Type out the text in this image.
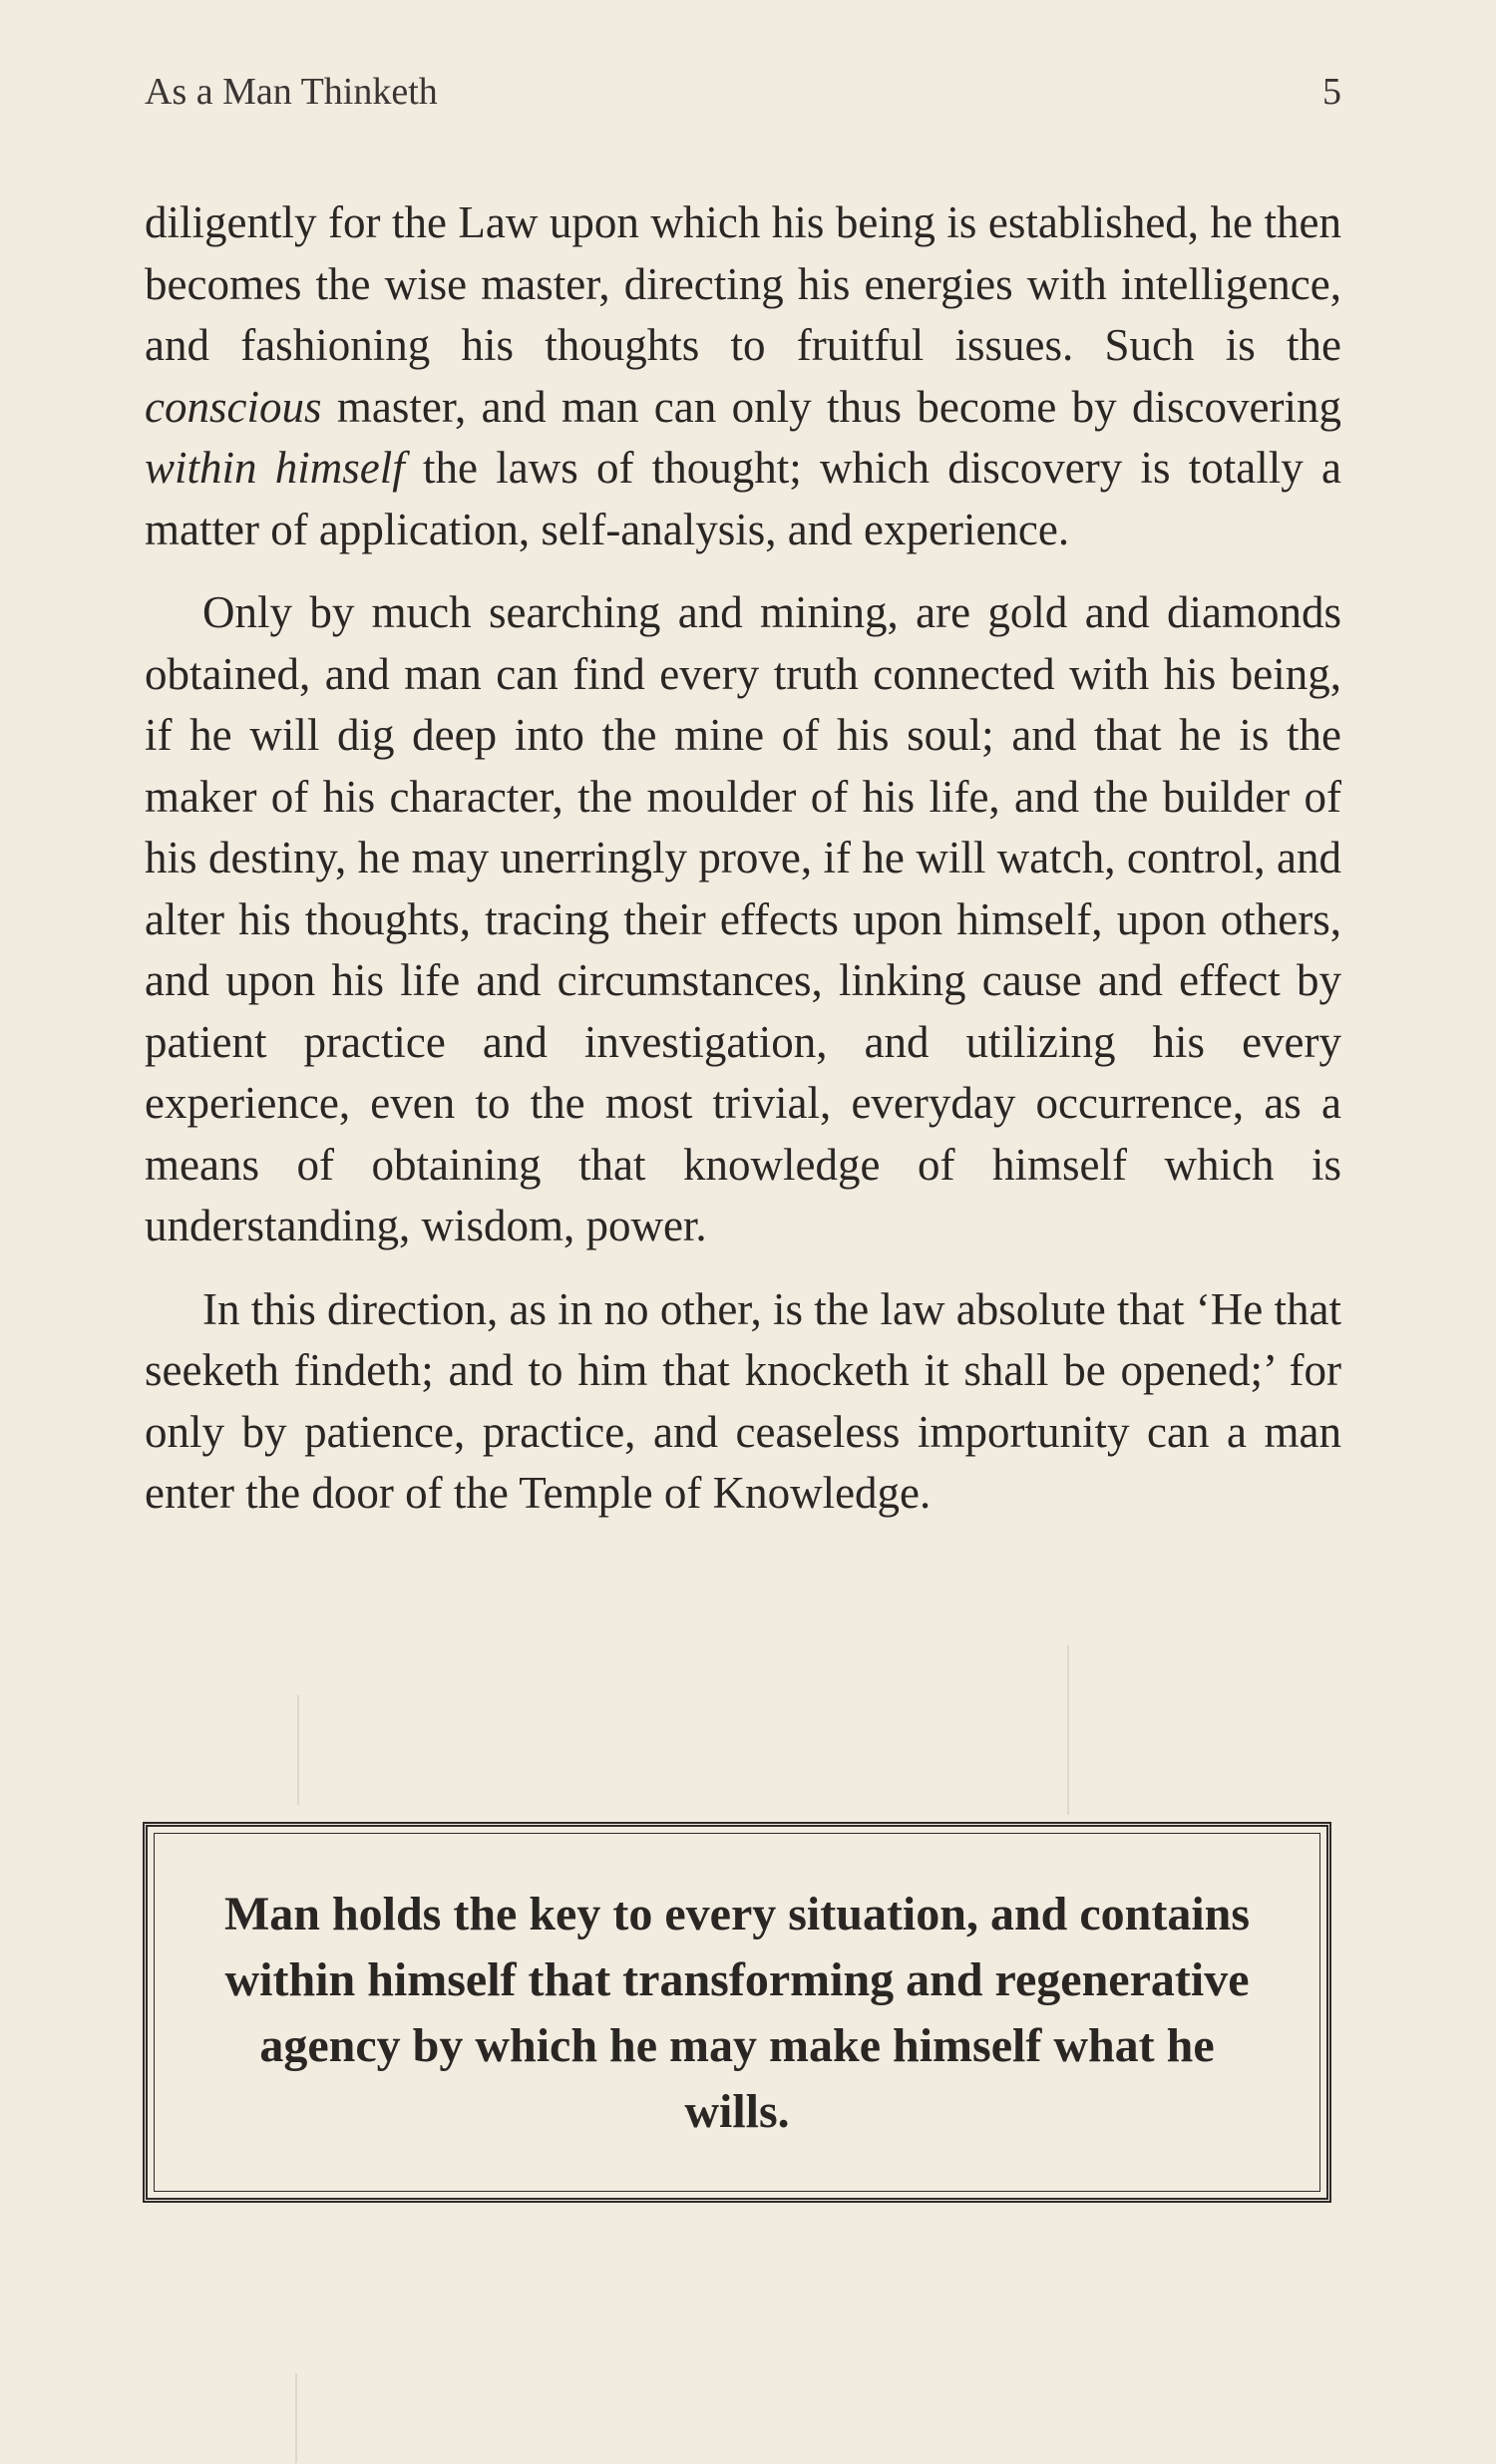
As a Man Thinketh	5

diligently for the Law upon which his being is established, he then becomes the wise master, directing his energies with intelligence, and fashioning his thoughts to fruitful issues. Such is the conscious master, and man can only thus become by discovering within himself the laws of thought; which discovery is totally a matter of application, self-analysis, and experience.

Only by much searching and mining, are gold and diamonds obtained, and man can find every truth connected with his being, if he will dig deep into the mine of his soul; and that he is the maker of his character, the moulder of his life, and the builder of his destiny, he may unerringly prove, if he will watch, control, and alter his thoughts, tracing their effects upon himself, upon others, and upon his life and circumstances, linking cause and effect by patient practice and investigation, and utilizing his every experience, even to the most trivial, everyday occurrence, as a means of obtaining that knowledge of himself which is understanding, wisdom, power.

In this direction, as in no other, is the law absolute that ‘He that seeketh findeth; and to him that knocketh it shall be opened;’ for only by patience, practice, and ceaseless importunity can a man enter the door of the Temple of Knowledge.

Man holds the key to every situation, and contains within himself that transforming and regenerative agency by which he may make himself what he wills.
